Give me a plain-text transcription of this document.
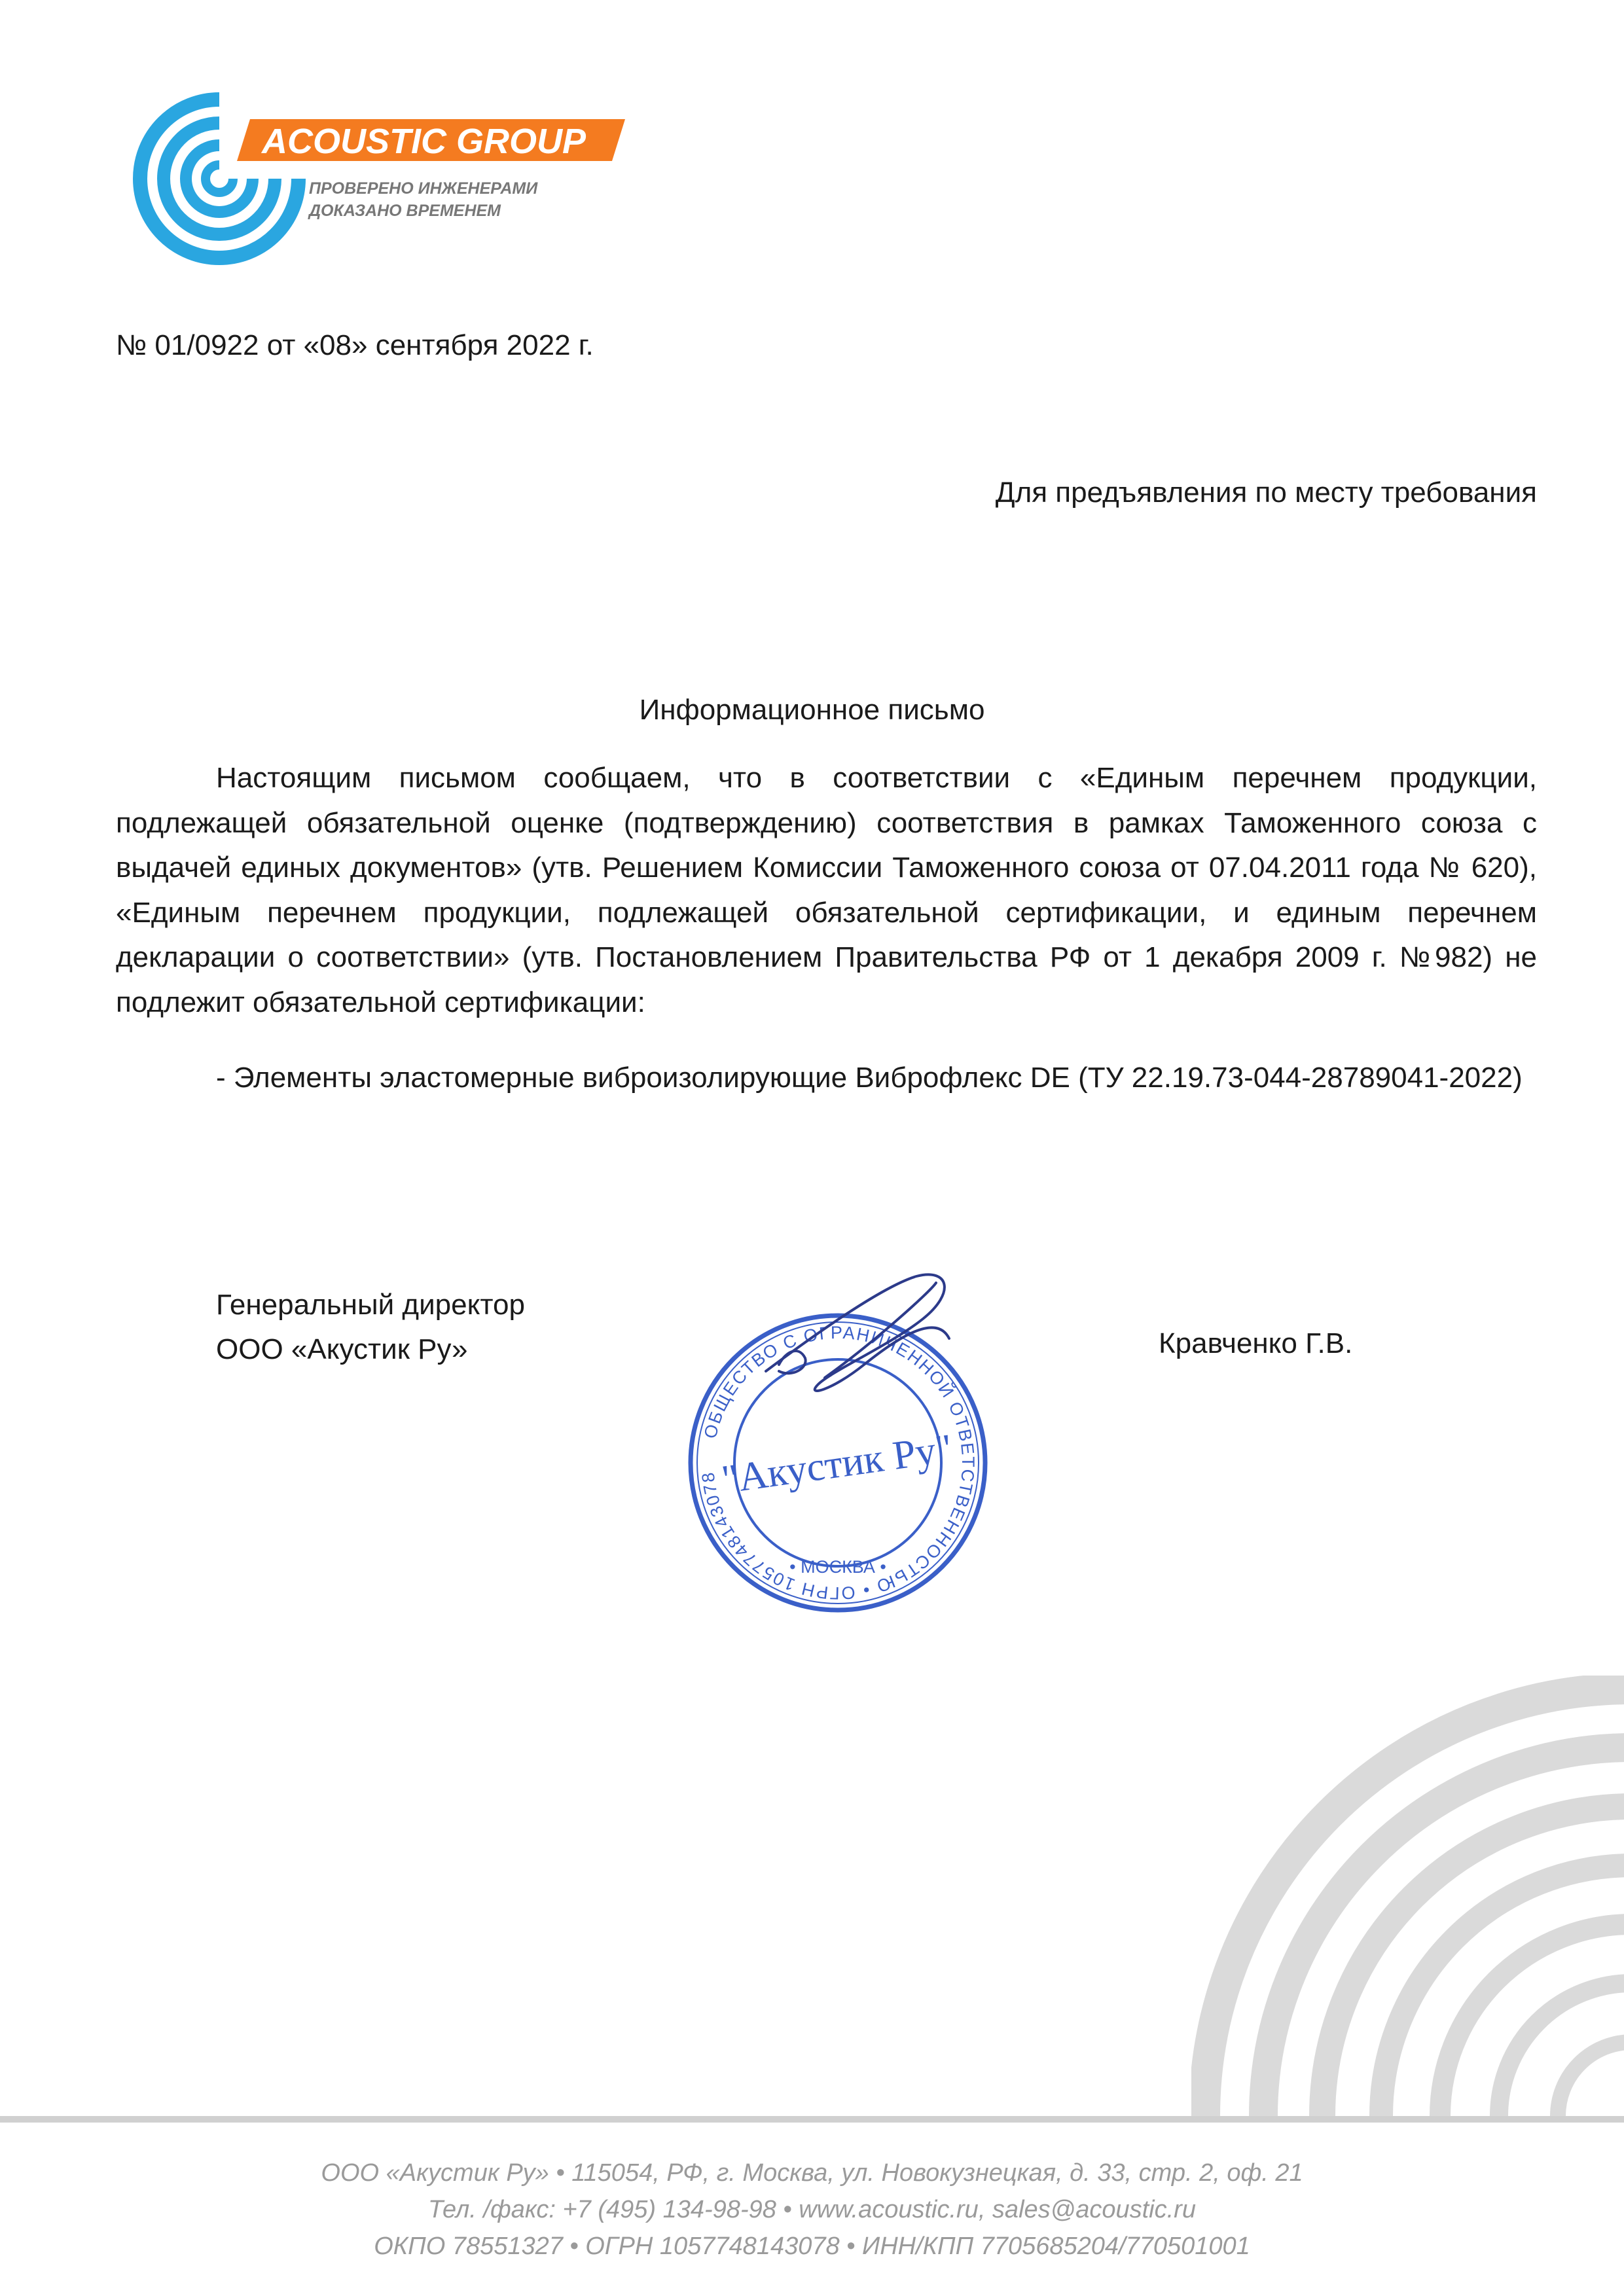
ACOUSTIC GROUP
ПРОВЕРЕНО ИНЖЕНЕРАМИ
ДОКАЗАНО ВРЕМЕНЕМ
№ 01/0922 от «08» сентября 2022 г.
Для предъявления по месту требования
Информационное письмо
Настоящим письмом сообщаем, что в соответствии с «Единым перечнем продукции, подлежащей обязательной оценке (подтверждению) соответствия в рамках Таможенного союза с выдачей единых документов» (утв. Решением Комиссии Таможенного союза от 07.04.2011 года № 620), «Единым перечнем продукции, подлежащей обязательной сертификации, и единым перечнем декларации о соответствии» (утв. Постановлением Правительства РФ от 1 декабря 2009 г. №982) не подлежит обязательной сертификации:
- Элементы эластомерные виброизолирующие Виброфлекс DE (ТУ 22.19.73-044-28789041-2022)
Генеральный директор
ООО «Акустик Ру»	Кравченко Г.В.
ОБЩЕСТВО С ОГРАНИЧЕННОЙ ОТВЕТСТВЕННОСТЬЮ • ОГРН 1057748143078 "Акустик Ру"
• МОСКВА •
ООО «Акустик Ру» • 115054, РФ, г. Москва, ул. Новокузнецкая, д. 33, стр. 2, оф. 21
Тел. /факс: +7 (495) 134-98-98 • www.acoustic.ru, sales@acoustic.ru
ОКПО 78551327 • ОГРН 1057748143078 • ИНН/КПП 7705685204/770501001
